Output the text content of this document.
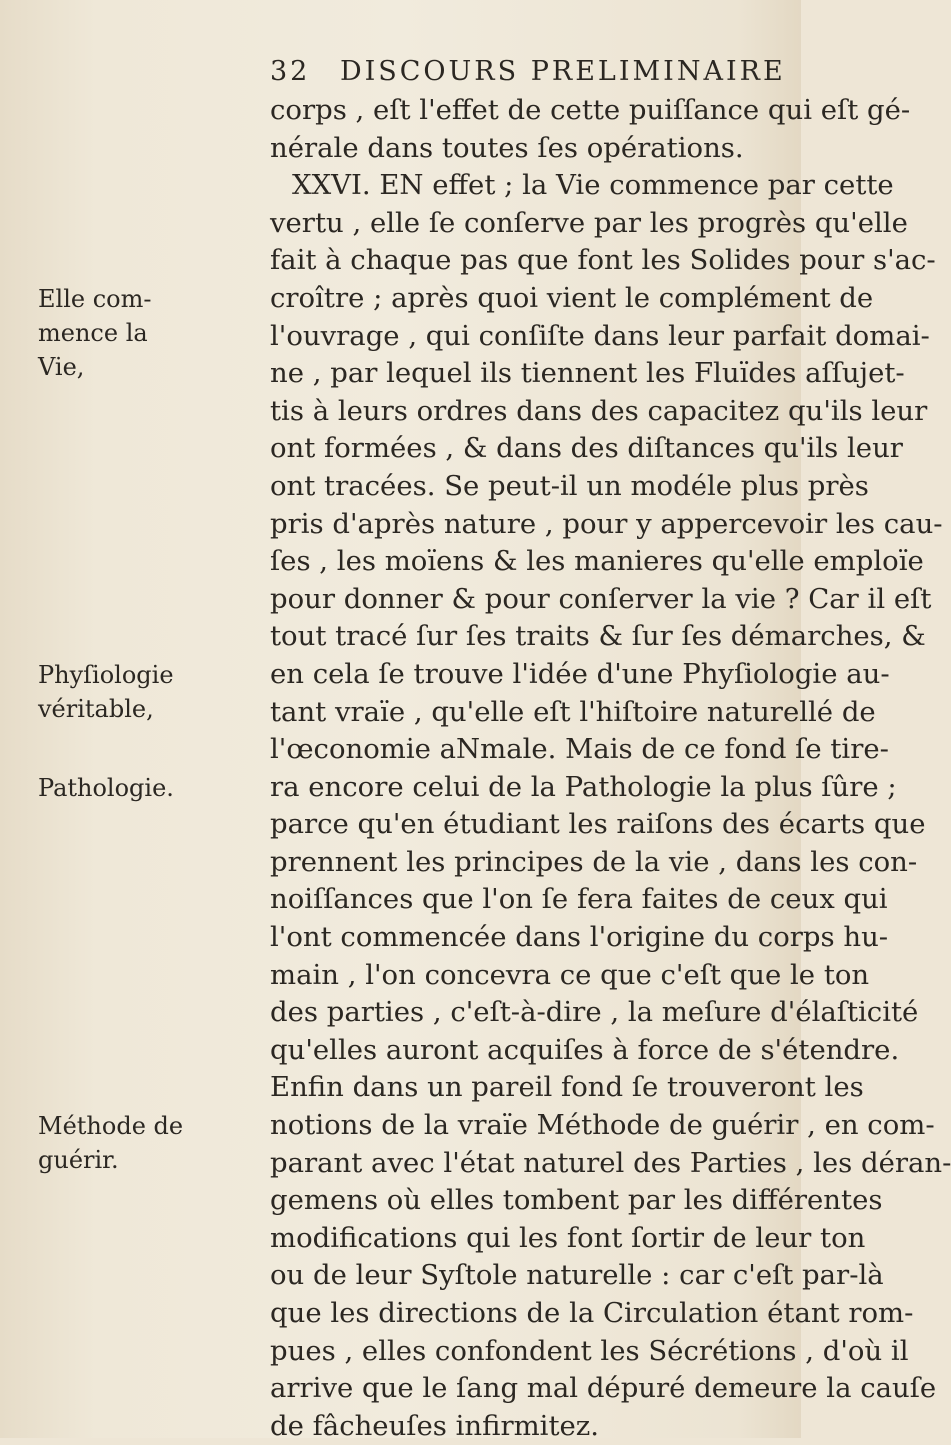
32 DISCOURS PRELIMINAIRE
corps , eſt l'effet de cette puiſſance qui eſt gé-
nérale dans toutes ſes opérations.
XXVI. EN effet ; la Vie commence par cette
vertu , elle ſe conſerve par les progrès qu'elle
fait à chaque pas que font les Solides pour s'ac-
croître ; après quoi vient le complément de
l'ouvrage , qui conſiſte dans leur parfait domai-
ne , par lequel ils tiennent les Fluïdes aſſujet-
tis à leurs ordres dans des capacitez qu'ils leur
ont formées , & dans des diſtances qu'ils leur
ont tracées. Se peut-il un modéle plus près
pris d'après nature , pour y appercevoir les cau-
ſes , les moïens & les manieres qu'elle emploïe
pour donner & pour conſerver la vie ? Car il eſt
tout tracé ſur ſes traits & ſur ſes démarches, &
en cela ſe trouve l'idée d'une Phyſiologie au-
tant vraïe , qu'elle eſt l'hiſtoire naturellé de
l'œconomie aNmale. Mais de ce fond ſe tire-
ra encore celui de la Pathologie la plus ſûre ;
parce qu'en étudiant les raiſons des écarts que
prennent les principes de la vie , dans les con-
noiſſances que l'on ſe fera faites de ceux qui
l'ont commencée dans l'origine du corps hu-
main , l'on concevra ce que c'eſt que le ton
des parties , c'eſt-à-dire , la meſure d'élaſticité
qu'elles auront acquiſes à force de s'étendre.
Enfin dans un pareil fond ſe trouveront les
notions de la vraïe Méthode de guérir , en com-
parant avec l'état naturel des Parties , les déran-
gemens où elles tombent par les différentes
modifications qui les font ſortir de leur ton
ou de leur Syſtole naturelle : car c'eſt par-là
que les directions de la Circulation étant rom-
pues , elles confondent les Sécrétions , d'où il
arrive que le ſang mal dépuré demeure la cauſe
de fâcheuſes infirmitez.
Elle com-
mence la
Vie,
Phyſiologie
véritable,
Pathologie.
Méthode de
guérir.
